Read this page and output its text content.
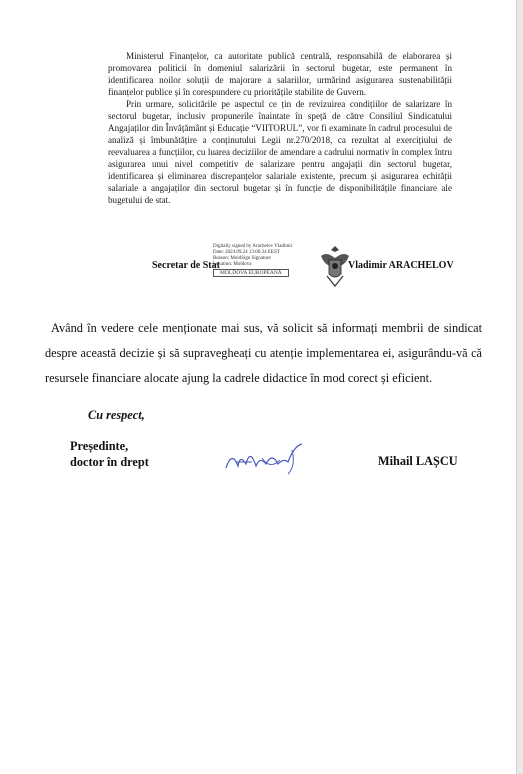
Ministerul Finanțelor, ca autoritate publică centrală, responsabilă de elaborarea și promovarea politicii în domeniul salarizării în sectorul bugetar, este permanent în identificarea noilor soluții de majorare a salariilor, urmărind asigurarea sustenabilității finanțelor publice și în corespundere cu prioritățile stabilite de Guvern.

Prin urmare, solicitările pe aspectul ce țin de revizuirea condițiilor de salarizare în sectorul bugetar, inclusiv propunerile înaintate în speță de către Consiliul Sindicatului Angajaților din Învățământ și Educație “VIITORUL”, vor fi examinate în cadrul procesului de analiză și îmbunătățire a conținutului Legii nr.270/2018, ca rezultat al exercițiului de reevaluarea a funcțiilor, cu luarea deciziilor de amendare a cadrului normativ în complex întru asigurarea unui nivel competitiv de salarizare pentru angajații din sectorul bugetar, identificarea și eliminarea discrepanțelor salariale existente, precum și asigurarea echității salariale a angajaților din sectorul bugetar și în funcție de disponibilitățile financiare ale bugetului de stat.

Secretar de Stat
Digitally signed by Arachelov Vladimir
Date: 2024.09.24 13:06:24 EEST
Reason: MoldSign Signature
Location: Moldova
MOLDOVA EUROPEANĂ
Vladimir ARACHELOV

Având în vedere cele menționate mai sus, vă solicit să informați membrii de sindicat despre această decizie și să supravegheați cu atenție implementarea ei, asigurându-vă că resursele financiare alocate ajung la cadrele didactice în mod corect și eficient.

Cu respect,
Președinte,
doctor în drept	Mihail LAȘCU
